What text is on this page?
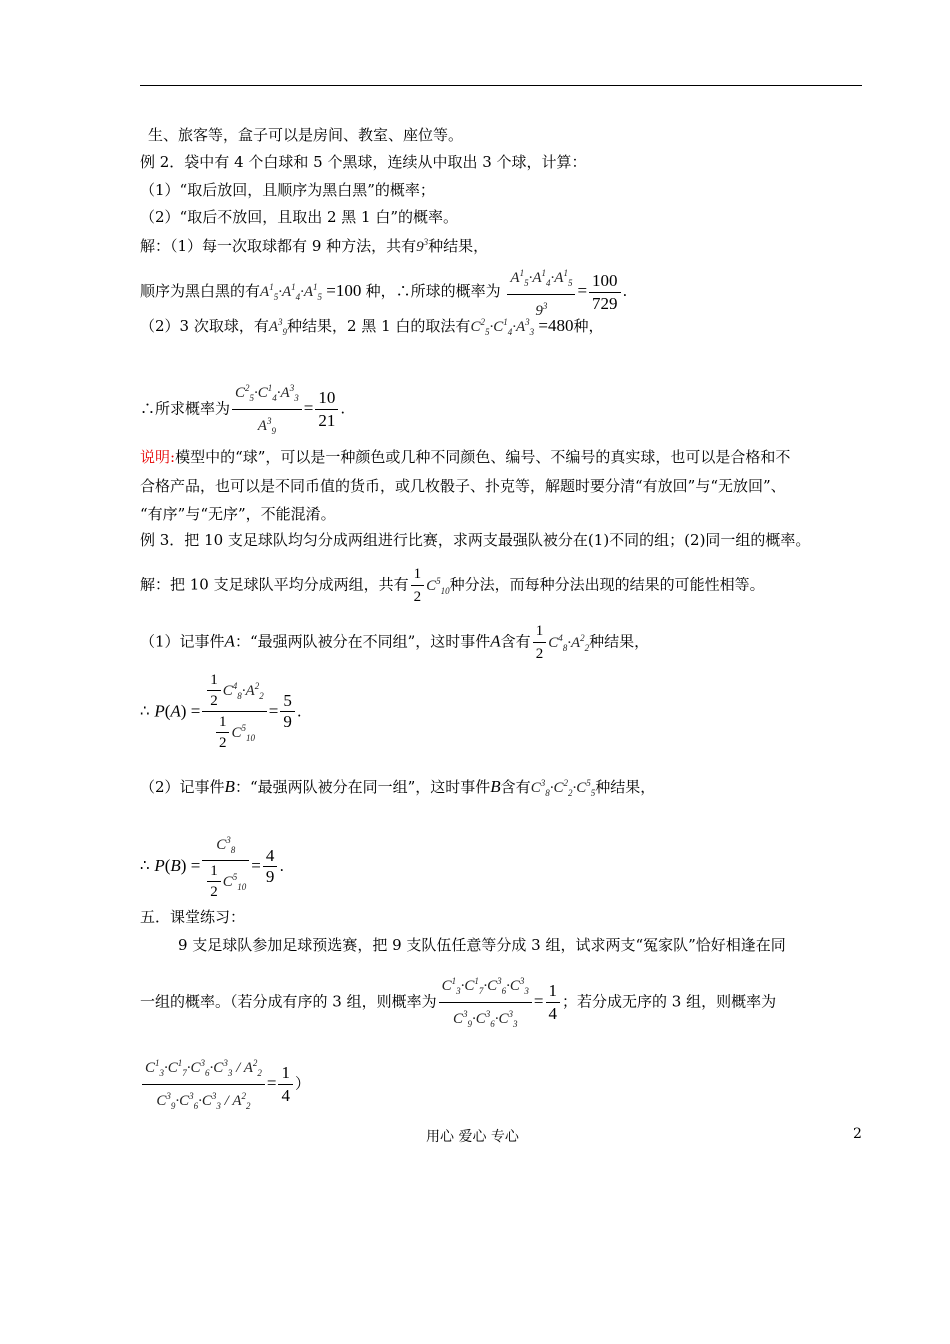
生、旅客等，盒子可以是房间、教室、座位等。
例 2．袋中有 4 个白球和 5 个黑球，连续从中取出 3 个球，计算：
（1）“取后放回，且顺序为黑白黑”的概率；
（2）“取后不放回，且取出 2 黑 1 白”的概率。
解：（1）每一次取球都有 9 种方法，共有$9^3$种结果，
顺序为黑白黑的有$A^1_5\cdot A^1_4\cdot A^1_5 =100$ 种，∴所球的概率为 $\frac{A^1_5\cdot A^1_4\cdot A^1_5}{9^3} = \frac{100}{729}$ .
（2）3 次取球，有$A^3_9$种结果，2 黑 1 白的取法有$C^2_5\cdot C^1_4\cdot A^3_3 =480$种，
∴所求概率为 $\frac{C^2_5\cdot C^1_4\cdot A^3_3}{A^3_9} = \frac{10}{21}$ .
说明:模型中的“球”，可以是一种颜色或几种不同颜色、编号、不编号的真实球，也可以是合格和不
合格产品，也可以是不同币值的货币，或几枚骰子、扑克等，解题时要分清“有放回”与“无放回”、
“有序”与“无序”，不能混淆。
例 3．把 10 支足球队均匀分成两组进行比赛，求两支最强队被分在(1)不同的组；(2)同一组的概率。
解：把 10 支足球队平均分成两组，共有 $\frac{1}{2} C^5_{10}$种分法，而每种分法出现的结果的可能性相等。
（1）记事件A：“最强两队被分在不同组”，这时事件A含有 $\frac{1}{2} C^4_8\cdot A^2_2$种结果，
∴ $P(A) = \frac{\frac{1}{2} C^4_8\cdot A^2_2}{\frac{1}{2} C^5_{10}} = \frac{5}{9}$ .
（2）记事件B：“最强两队被分在同一组”，这时事件B含有$C^3_8\cdot C^2_2\cdot C^5_5$种结果，
∴ $P(B) = \frac{C^3_8}{\frac{1}{2} C^5_{10}} = \frac{4}{9}$ .
五．课堂练习：
9 支足球队参加足球预选赛，把 9 支队伍任意等分成 3 组，试求两支“冤家队”恰好相逢在同
一组的概率。（若分成有序的 3 组，则概率为 $\frac{C^1_3\cdot C^1_7\cdot C^3_6\cdot C^3_3}{C^3_9\cdot C^3_6\cdot C^3_3} = \frac{1}{4}$ ；若分成无序的 3 组，则概率为
$\frac{C^1_3\cdot C^1_7\cdot C^3_6\cdot C^3_3 / A^2_2}{C^3_9\cdot C^3_6\cdot C^3_3 / A^2_2} = \frac{1}{4}$ ）
用心 爱心 专心	2
